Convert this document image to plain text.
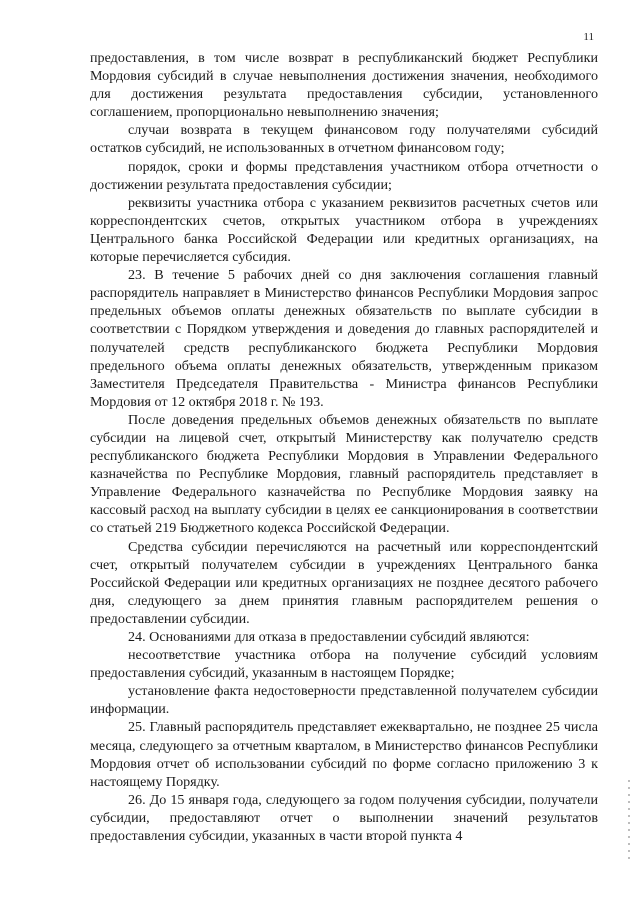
11

предоставления, в том числе возврат в республиканский бюджет Республики Мордовия субсидий в случае невыполнения достижения значения, необходимого для достижения результата предоставления субсидии, установленного соглашением, пропорционально невыполнению значения;

случаи возврата в текущем финансовом году получателями субсидий остатков субсидий, не использованных в отчетном финансовом году;

порядок, сроки и формы представления участником отбора отчетности о достижении результата предоставления субсидии;

реквизиты участника отбора с указанием реквизитов расчетных счетов или корреспондентских счетов, открытых участником отбора в учреждениях Центрального банка Российской Федерации или кредитных организациях, на которые перечисляется субсидия.

23. В течение 5 рабочих дней со дня заключения соглашения главный распорядитель направляет в Министерство финансов Республики Мордовия запрос предельных объемов оплаты денежных обязательств по выплате субсидии в соответствии с Порядком утверждения и доведения до главных распорядителей и получателей средств республиканского бюджета Республики Мордовия предельного объема оплаты денежных обязательств, утвержденным приказом Заместителя Председателя Правительства - Министра финансов Республики Мордовия от 12 октября 2018 г. № 193.

После доведения предельных объемов денежных обязательств по выплате субсидии на лицевой счет, открытый Министерству как получателю средств республиканского бюджета Республики Мордовия в Управлении Федерального казначейства по Республике Мордовия, главный распорядитель представляет в Управление Федерального казначейства по Республике Мордовия заявку на кассовый расход на выплату субсидии в целях ее санкционирования в соответствии со статьей 219 Бюджетного кодекса Российской Федерации.

Средства субсидии перечисляются на расчетный или корреспондентский счет, открытый получателем субсидии в учреждениях Центрального банка Российской Федерации или кредитных организациях не позднее десятого рабочего дня, следующего за днем принятия главным распорядителем решения о предоставлении субсидии.

24. Основаниями для отказа в предоставлении субсидий являются:

несоответствие участника отбора на получение субсидий условиям предоставления субсидий, указанным в настоящем Порядке;

установление факта недостоверности представленной получателем субсидии информации.

25. Главный распорядитель представляет ежеквартально, не позднее 25 числа месяца, следующего за отчетным кварталом, в Министерство финансов Республики Мордовия отчет об использовании субсидий по форме согласно приложению 3 к настоящему Порядку.

26. До 15 января года, следующего за годом получения субсидии, получатели субсидии, предоставляют отчет о выполнении значений результатов предоставления субсидии, указанных в части второй пункта 4
